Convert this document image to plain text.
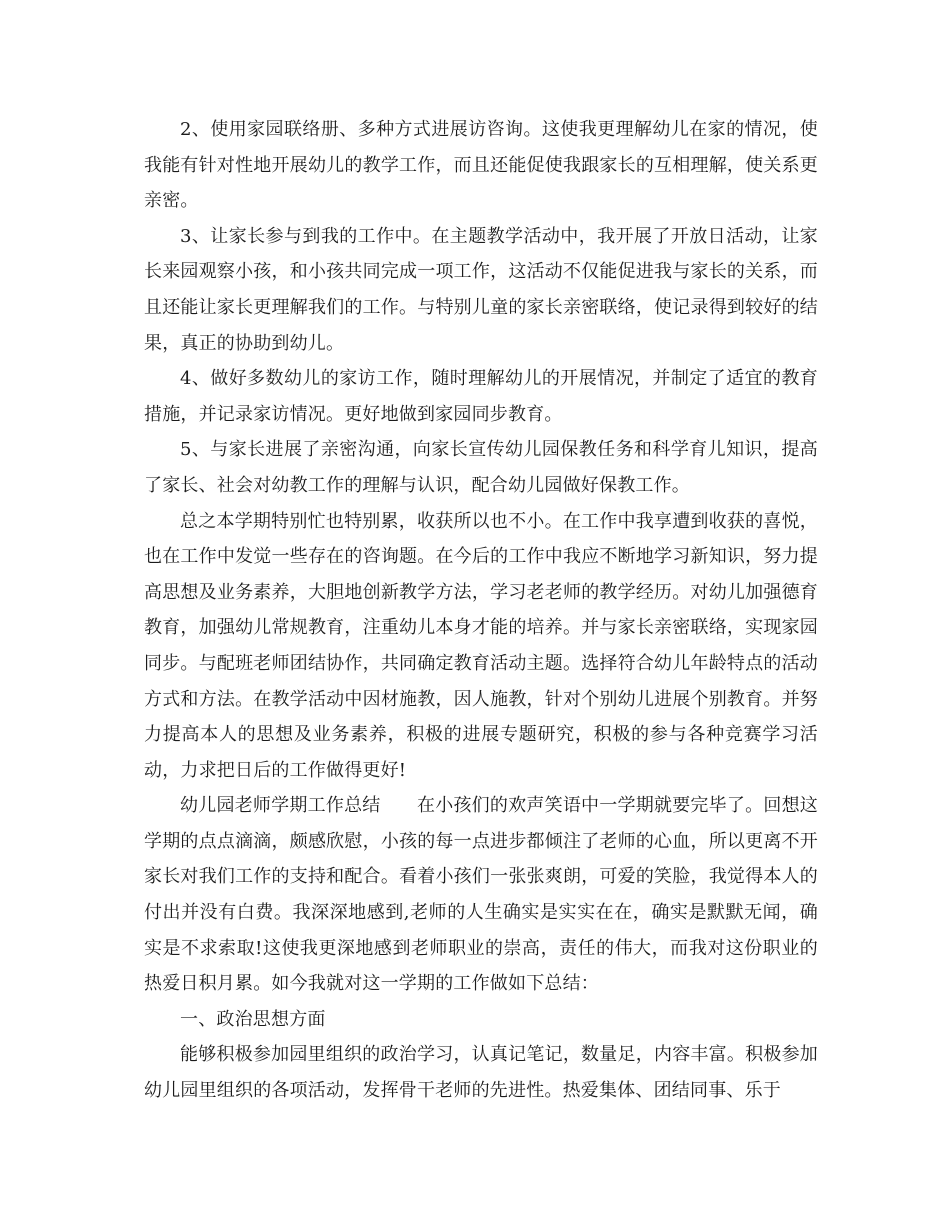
2、使用家园联络册、多种方式进展访咨询。这使我更理解幼儿在家的情况，使我能有针对性地开展幼儿的教学工作，而且还能促使我跟家长的互相理解，使关系更亲密。

3、让家长参与到我的工作中。在主题教学活动中，我开展了开放日活动，让家长来园观察小孩，和小孩共同完成一项工作，这活动不仅能促进我与家长的关系，而且还能让家长更理解我们的工作。与特别儿童的家长亲密联络，使记录得到较好的结果，真正的协助到幼儿。

4、做好多数幼儿的家访工作，随时理解幼儿的开展情况，并制定了适宜的教育措施，并记录家访情况。更好地做到家园同步教育。

5、与家长进展了亲密沟通，向家长宣传幼儿园保教任务和科学育儿知识，提高了家长、社会对幼教工作的理解与认识，配合幼儿园做好保教工作。

总之本学期特别忙也特别累，收获所以也不小。在工作中我享遭到收获的喜悦，也在工作中发觉一些存在的咨询题。在今后的工作中我应不断地学习新知识，努力提高思想及业务素养，大胆地创新教学方法，学习老老师的教学经历。对幼儿加强德育教育，加强幼儿常规教育，注重幼儿本身才能的培养。并与家长亲密联络，实现家园同步。与配班老师团结协作，共同确定教育活动主题。选择符合幼儿年龄特点的活动方式和方法。在教学活动中因材施教，因人施教，针对个别幼儿进展个别教育。并努力提高本人的思想及业务素养，积极的进展专题研究，积极的参与各种竞赛学习活动，力求把日后的工作做得更好!

幼儿园老师学期工作总结　　在小孩们的欢声笑语中一学期就要完毕了。回想这学期的点点滴滴，颇感欣慰，小孩的每一点进步都倾注了老师的心血，所以更离不开家长对我们工作的支持和配合。看着小孩们一张张爽朗，可爱的笑脸，我觉得本人的付出并没有白费。我深深地感到,老师的人生确实是实实在在，确实是默默无闻，确实是不求索取!这使我更深地感到老师职业的崇高，责任的伟大，而我对这份职业的热爱日积月累。如今我就对这一学期的工作做如下总结：

一、政治思想方面

能够积极参加园里组织的政治学习，认真记笔记，数量足，内容丰富。积极参加幼儿园里组织的各项活动，发挥骨干老师的先进性。热爱集体、团结同事、乐于
